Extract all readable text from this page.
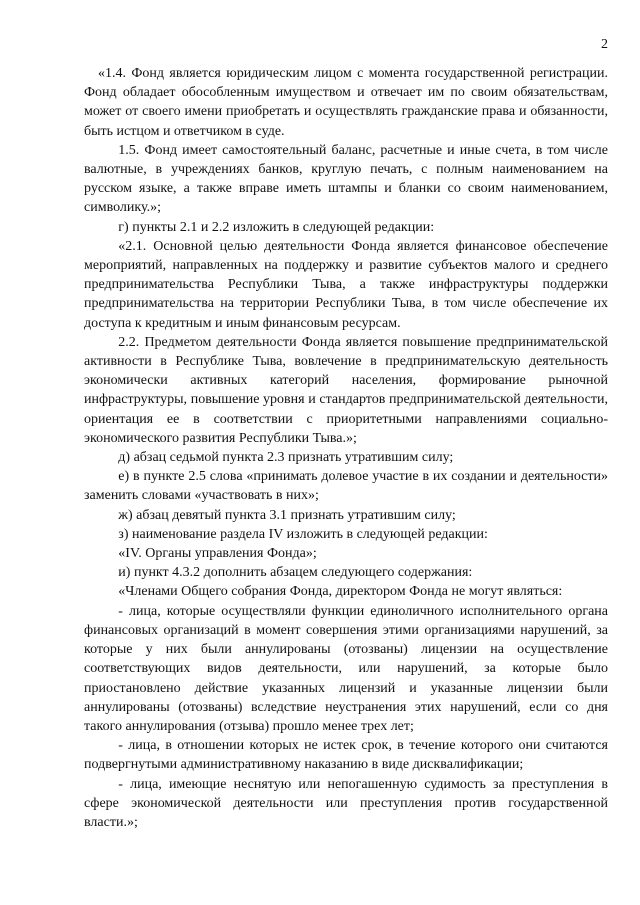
2

«1.4. Фонд является юридическим лицом с момента государственной регистрации. Фонд обладает обособленным имуществом и отвечает им по своим обязательствам, может от своего имени приобретать и осуществлять гражданские права и обязанности, быть истцом и ответчиком в суде.

1.5. Фонд имеет самостоятельный баланс, расчетные и иные счета, в том числе валютные, в учреждениях банков, круглую печать, с полным наименованием на русском языке, а также вправе иметь штампы и бланки со своим наименованием, символику.»;

г) пункты 2.1 и 2.2 изложить в следующей редакции:

«2.1. Основной целью деятельности Фонда является финансовое обеспечение мероприятий, направленных на поддержку и развитие субъектов малого и среднего предпринимательства Республики Тыва, а также инфраструктуры поддержки предпринимательства на территории Республики Тыва, в том числе обеспечение их доступа к кредитным и иным финансовым ресурсам.

2.2. Предметом деятельности Фонда является повышение предпринимательской активности в Республике Тыва, вовлечение в предпринимательскую деятельность экономически активных категорий населения, формирование рыночной инфраструктуры, повышение уровня и стандартов предпринимательской деятельности, ориентация ее в соответствии с приоритетными направлениями социально-экономического развития Республики Тыва.»;

д) абзац седьмой пункта 2.3 признать утратившим силу;

е) в пункте 2.5 слова «принимать долевое участие в их создании и деятельности» заменить словами «участвовать в них»;

ж) абзац девятый пункта 3.1 признать утратившим силу;

з) наименование раздела IV изложить в следующей редакции:

«IV. Органы управления Фонда»;

и) пункт 4.3.2 дополнить абзацем следующего содержания:

«Членами Общего собрания Фонда, директором Фонда не могут являться:

- лица, которые осуществляли функции единоличного исполнительного органа финансовых организаций в момент совершения этими организациями нарушений, за которые у них были аннулированы (отозваны) лицензии на осуществление соответствующих видов деятельности, или нарушений, за которые было приостановлено действие указанных лицензий и указанные лицензии были аннулированы (отозваны) вследствие неустранения этих нарушений, если со дня такого аннулирования (отзыва) прошло менее трех лет;

- лица, в отношении которых не истек срок, в течение которого они считаются подвергнутыми административному наказанию в виде дисквалификации;

- лица, имеющие неснятую или непогашенную судимость за преступления в сфере экономической деятельности или преступления против государственной власти.»;
